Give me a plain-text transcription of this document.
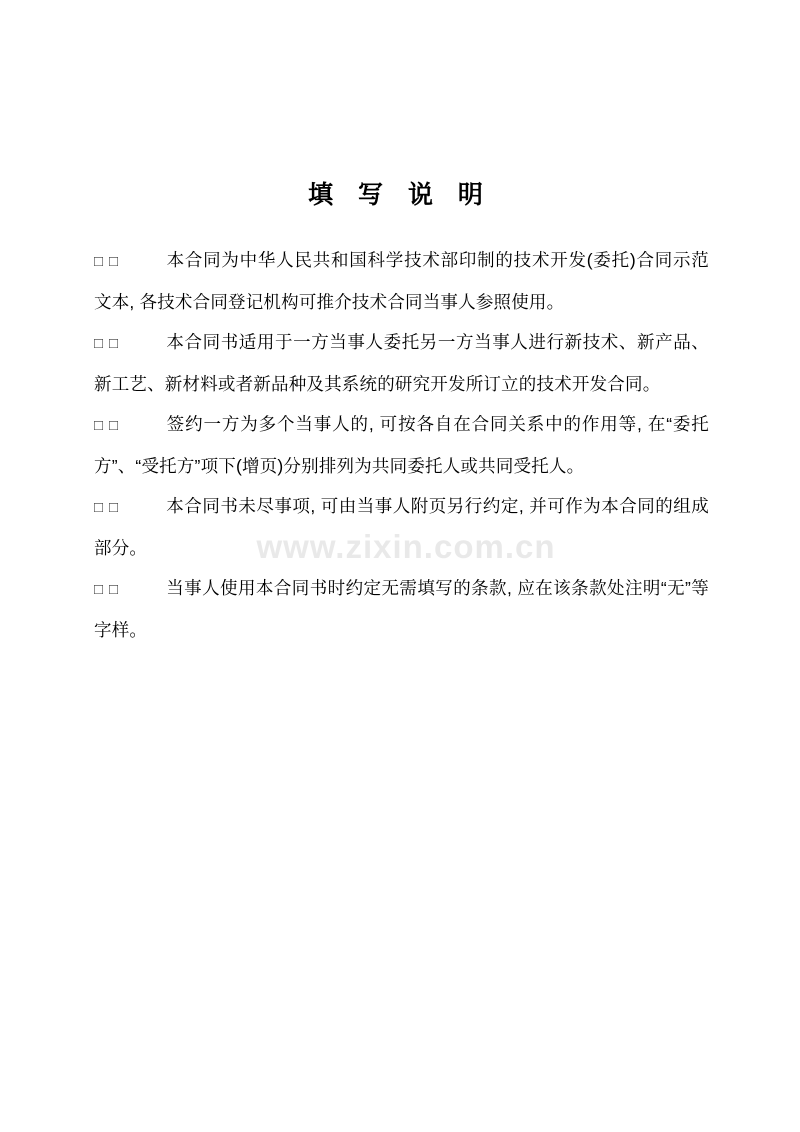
填 写 说 明

□□ 本合同为中华人民共和国科学技术部印制的技术开发(委托)合同示范文本, 各技术合同登记机构可推介技术合同当事人参照使用。

□□ 本合同书适用于一方当事人委托另一方当事人进行新技术、新产品、新工艺、新材料或者新品种及其系统的研究开发所订立的技术开发合同。

□□ 签约一方为多个当事人的, 可按各自在合同关系中的作用等, 在“委托方”、“受托方”项下(增页)分别排列为共同委托人或共同受托人。

□□ 本合同书未尽事项, 可由当事人附页另行约定, 并可作为本合同的组成部分。

□□ 当事人使用本合同书时约定无需填写的条款, 应在该条款处注明“无”等字样。

www.zixin.com.cn
